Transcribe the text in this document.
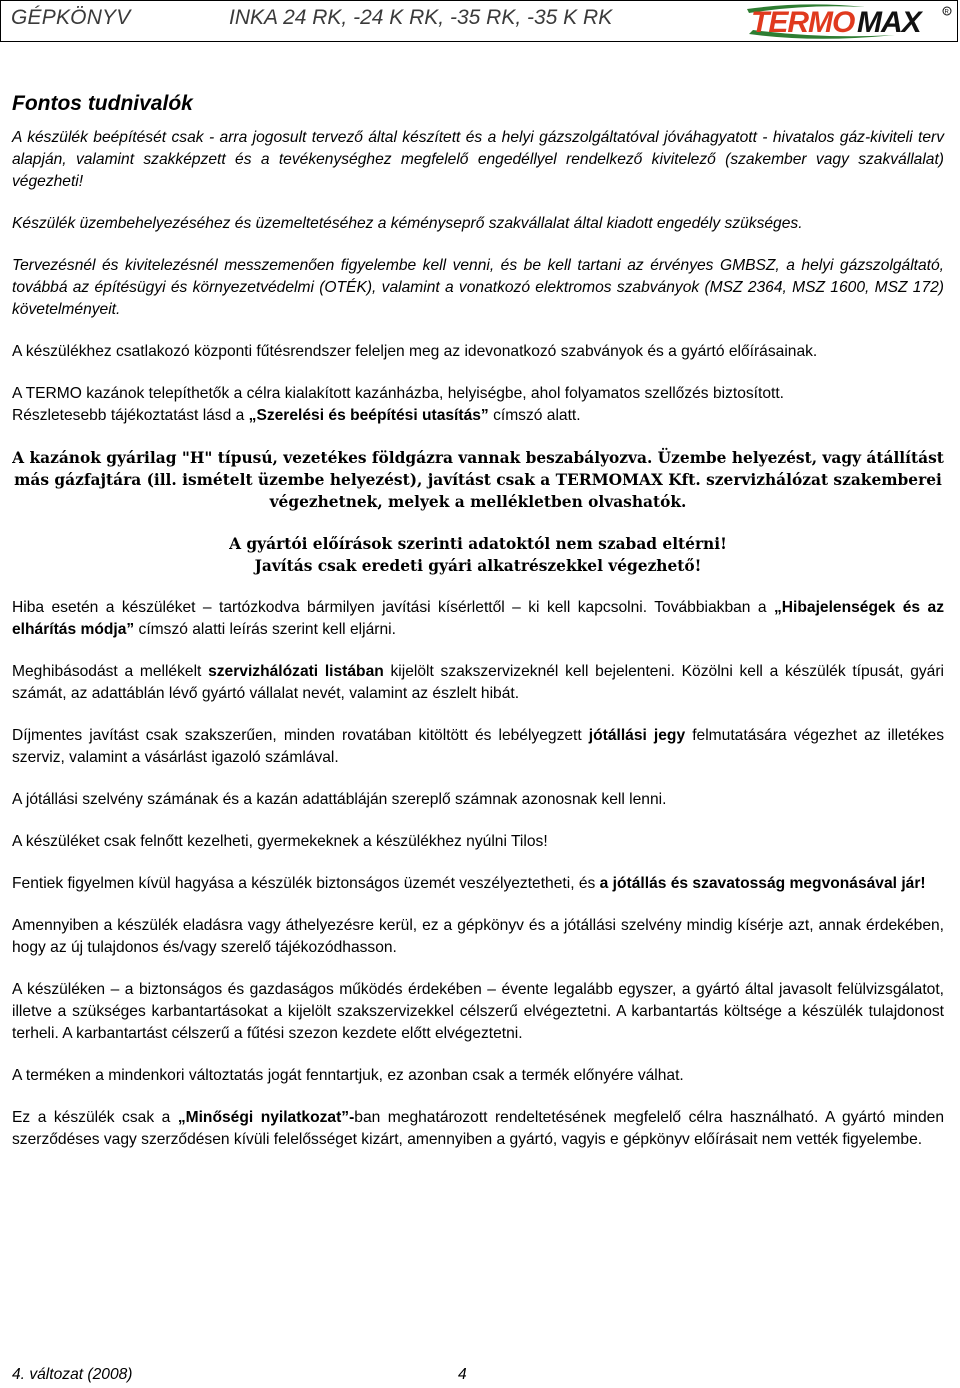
GÉPKÖNYV	INKA 24 RK, -24 K RK, -35 RK, -35 K RK	TERMO MAX	R
Fontos tudnivalók

A készülék beépítését csak - arra jogosult tervező által készített és a helyi gázszolgáltatóval jóváhagyatott - hivatalos gáz-kiviteli terv alapján, valamint szakképzett és a tevékenységhez megfelelő engedéllyel rendelkező kivitelező (szakember vagy szakvállalat) végezheti!

Készülék üzembehelyezéséhez és üzemeltetéséhez a kéményseprő szakvállalat által kiadott engedély szükséges.

Tervezésnél és kivitelezésnél messzemenően figyelembe kell venni, és be kell tartani az érvényes GMBSZ, a helyi gázszolgáltató, továbbá az építésügyi és környezetvédelmi (OTÉK), valamint a vonatkozó elektromos szabványok (MSZ 2364, MSZ 1600, MSZ 172) követelményeit.

A készülékhez csatlakozó központi fűtésrendszer feleljen meg az idevonatkozó szabványok és a gyártó előírásainak.

A TERMO kazánok telepíthetők a célra kialakított kazánházba, helyiségbe, ahol folyamatos szellőzés biztosított.
Részletesebb tájékoztatást lásd a „Szerelési és beépítési utasítás” címszó alatt.

A kazánok gyárilag "H" típusú, vezetékes földgázra vannak beszabályozva. Üzembe helyezést, vagy átállítást más gázfajtára (ill. ismételt üzembe helyezést), javítást csak a TERMOMAX Kft. szervizhálózat szakemberei végezhetnek, melyek a mellékletben olvashatók.

A gyártói előírások szerinti adatoktól nem szabad eltérni!
Javítás csak eredeti gyári alkatrészekkel végezhető!

Hiba esetén a készüléket – tartózkodva bármilyen javítási kísérlettől – ki kell kapcsolni. Továbbiakban a „Hibajelenségek és az elhárítás módja” címszó alatti leírás szerint kell eljárni.

Meghibásodást a mellékelt szervizhálózati listában kijelölt szakszervizeknél kell bejelenteni. Közölni kell a készülék típusát, gyári számát, az adattáblán lévő gyártó vállalat nevét, valamint az észlelt hibát.

Díjmentes javítást csak szakszerűen, minden rovatában kitöltött és lebélyegzett jótállási jegy felmutatására végezhet az illetékes szerviz, valamint a vásárlást igazoló számlával.

A jótállási szelvény számának és a kazán adattábláján szereplő számnak azonosnak kell lenni.

A készüléket csak felnőtt kezelheti, gyermekeknek a készülékhez nyúlni Tilos!

Fentiek figyelmen kívül hagyása a készülék biztonságos üzemét veszélyeztetheti, és a jótállás és szavatosság megvonásával jár!

Amennyiben a készülék eladásra vagy áthelyezésre kerül, ez a gépkönyv és a jótállási szelvény mindig kísérje azt, annak érdekében, hogy az új tulajdonos és/vagy szerelő tájékozódhasson.

A készüléken – a biztonságos és gazdaságos működés érdekében – évente legalább egyszer, a gyártó által javasolt felülvizsgálatot, illetve a szükséges karbantartásokat a kijelölt szakszervizekkel célszerű elvégeztetni. A karbantartás költsége a készülék tulajdonost terheli. A karbantartást célszerű a fűtési szezon kezdete előtt elvégeztetni.

A terméken a mindenkori változtatás jogát fenntartjuk, ez azonban csak a termék előnyére válhat.

Ez a készülék csak a „Minőségi nyilatkozat”-ban meghatározott rendeltetésének megfelelő célra használható. A gyártó minden szerződéses vagy szerződésen kívüli felelősséget kizárt, amennyiben a gyártó, vagyis e gépkönyv előírásait nem vették figyelembe.

4. változat (2008)	4
